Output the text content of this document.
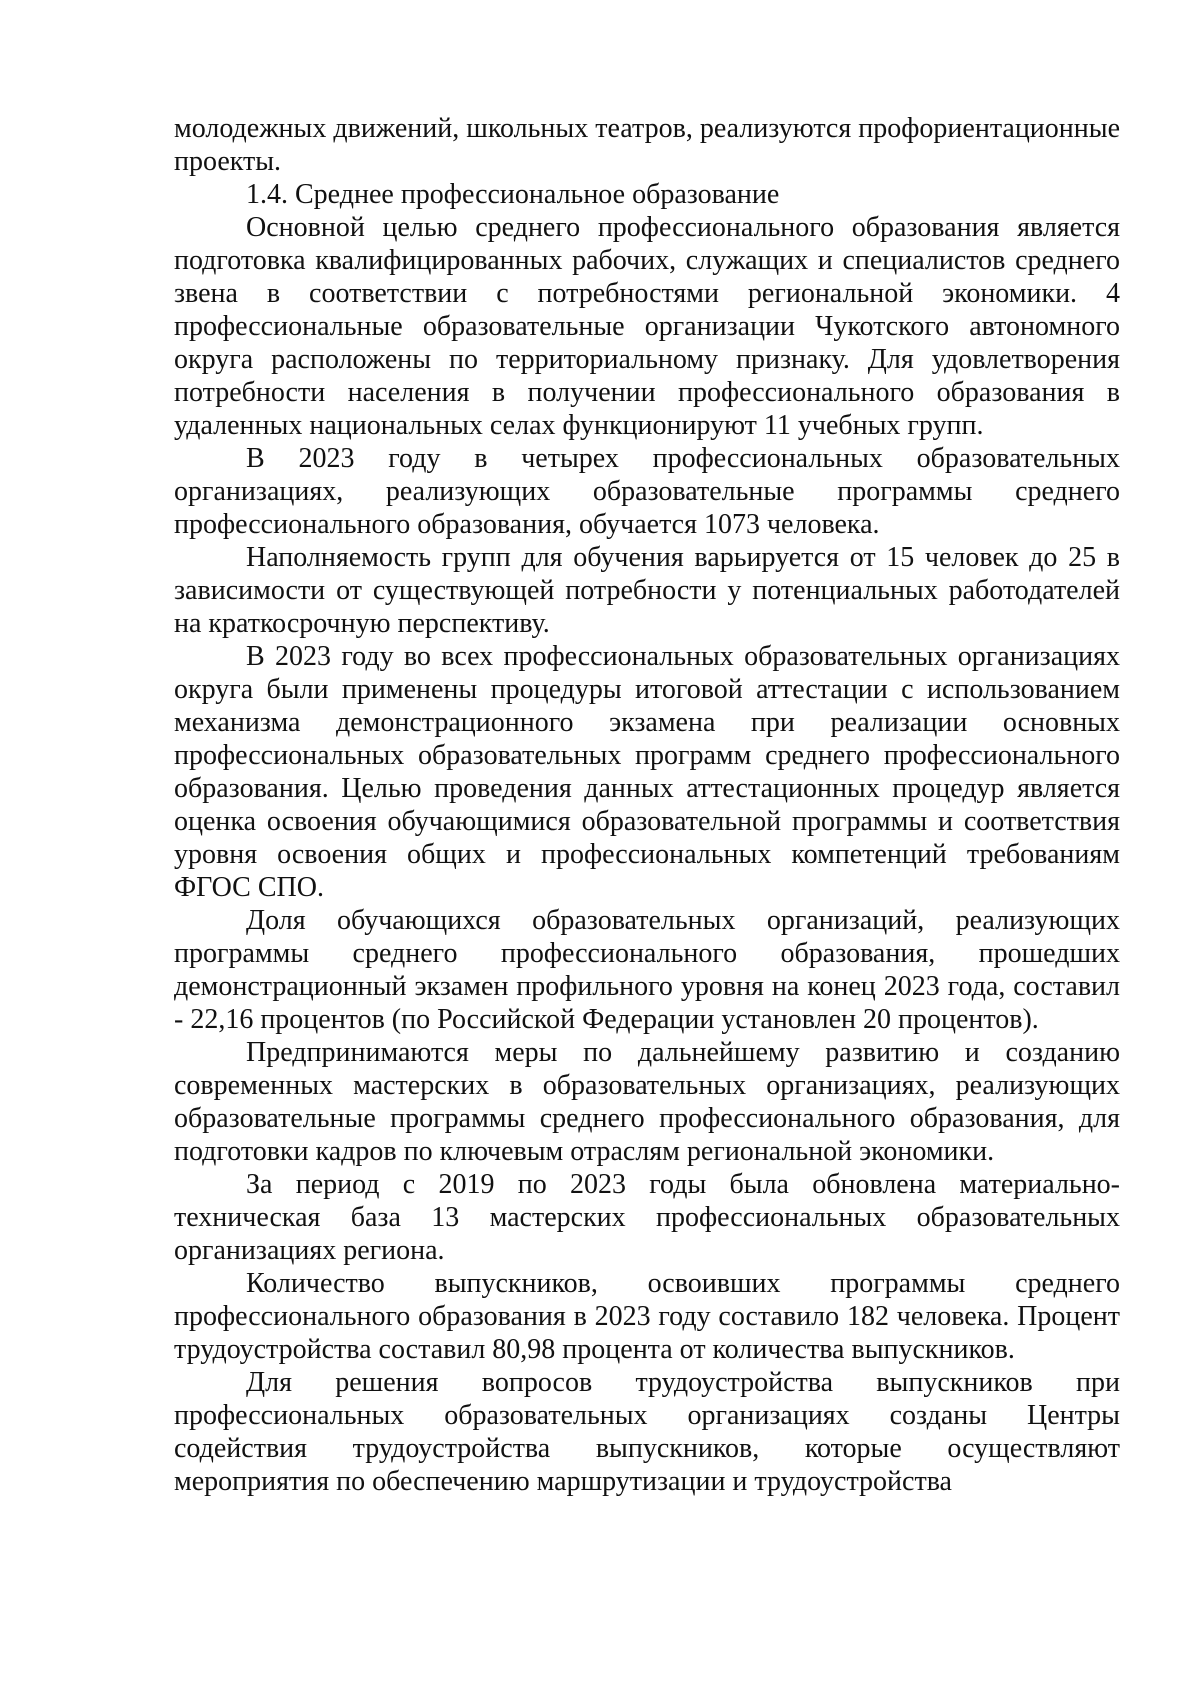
молодежных движений, школьных театров, реализуются профориентационные проекты.

1.4. Среднее профессиональное образование

Основной целью среднего профессионального образования является подготовка квалифицированных рабочих, служащих и специалистов среднего звена в соответствии с потребностями региональной экономики. 4 профессиональные образовательные организации Чукотского автономного округа расположены по территориальному признаку. Для удовлетворения потребности населения в получении профессионального образования в удаленных национальных селах функционируют 11 учебных групп.

В 2023 году в четырех профессиональных образовательных организациях, реализующих образовательные программы среднего профессионального образования, обучается 1073 человека.

Наполняемость групп для обучения варьируется от 15 человек до 25 в зависимости от существующей потребности у потенциальных работодателей на краткосрочную перспективу.

В 2023 году во всех профессиональных образовательных организациях округа были применены процедуры итоговой аттестации с использованием механизма демонстрационного экзамена при реализации основных профессиональных образовательных программ среднего профессионального образования. Целью проведения данных аттестационных процедур является оценка освоения обучающимися образовательной программы и соответствия уровня освоения общих и профессиональных компетенций требованиям ФГОС СПО.

Доля обучающихся образовательных организаций, реализующих программы среднего профессионального образования, прошедших демонстрационный экзамен профильного уровня на конец 2023 года, составил - 22,16 процентов (по Российской Федерации установлен 20 процентов).

Предпринимаются меры по дальнейшему развитию и созданию современных мастерских в образовательных организациях, реализующих образовательные программы среднего профессионального образования, для подготовки кадров по ключевым отраслям региональной экономики.

За период с 2019 по 2023 годы была обновлена материально-техническая база 13 мастерских профессиональных образовательных организациях региона.

Количество выпускников, освоивших программы среднего профессионального образования в 2023 году составило 182 человека. Процент трудоустройства составил 80,98 процента от количества выпускников.

Для решения вопросов трудоустройства выпускников при профессиональных образовательных организациях созданы Центры содействия трудоустройства выпускников, которые осуществляют мероприятия по обеспечению маршрутизации и трудоустройства
